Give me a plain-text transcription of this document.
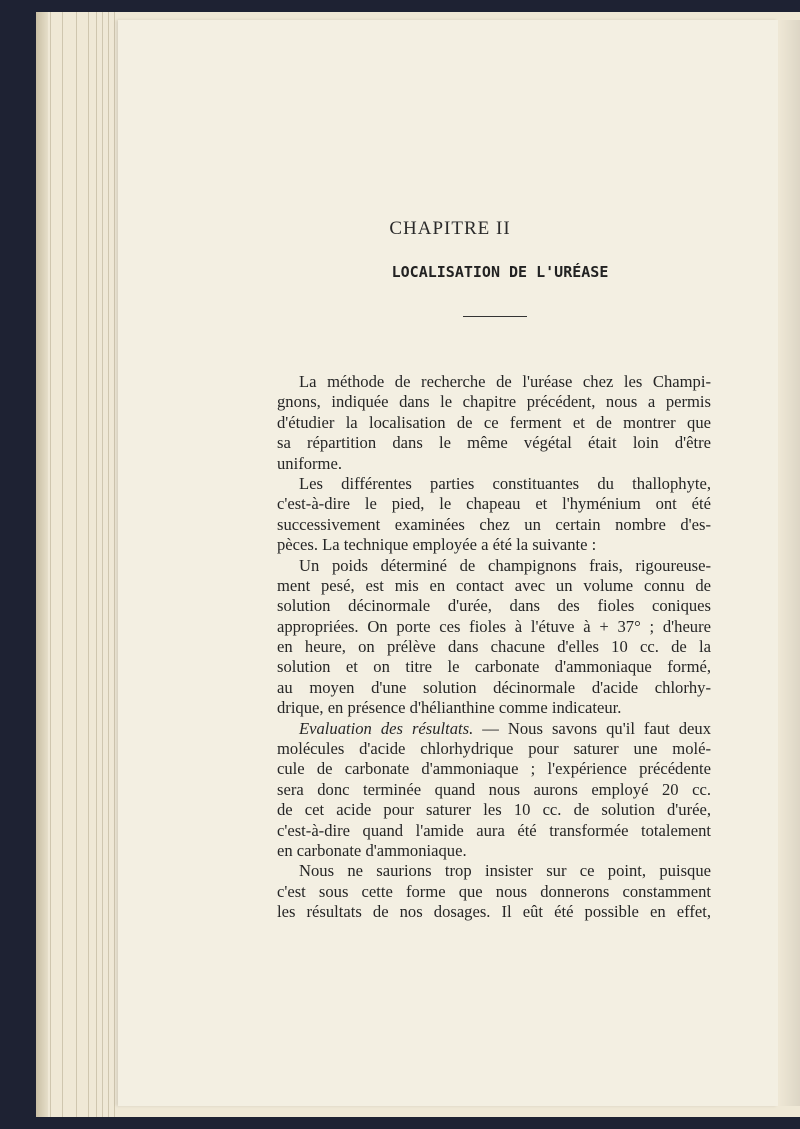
CHAPITRE II
LOCALISATION DE L'URÉASE
La méthode de recherche de l'uréase chez les Champi-
gnons, indiquée dans le chapitre précédent, nous a permis
d'étudier la localisation de ce ferment et de montrer que
sa répartition dans le même végétal était loin d'être
uniforme.
Les différentes parties constituantes du thallophyte,
c'est-à-dire le pied, le chapeau et l'hyménium ont été
successivement examinées chez un certain nombre d'es-
pèces. La technique employée a été la suivante :
Un poids déterminé de champignons frais, rigoureuse-
ment pesé, est mis en contact avec un volume connu de
solution décinormale d'urée, dans des fioles coniques
appropriées. On porte ces fioles à l'étuve à + 37° ; d'heure
en heure, on prélève dans chacune d'elles 10 cc. de la
solution et on titre le carbonate d'ammoniaque formé,
au moyen d'une solution décinormale d'acide chlorhy-
drique, en présence d'hélianthine comme indicateur.
Evaluation des résultats. — Nous savons qu'il faut deux
molécules d'acide chlorhydrique pour saturer une molé-
cule de carbonate d'ammoniaque ; l'expérience précédente
sera donc terminée quand nous aurons employé 20 cc.
de cet acide pour saturer les 10 cc. de solution d'urée,
c'est-à-dire quand l'amide aura été transformée totalement
en carbonate d'ammoniaque.
Nous ne saurions trop insister sur ce point, puisque
c'est sous cette forme que nous donnerons constamment
les résultats de nos dosages. Il eût été possible en effet,
